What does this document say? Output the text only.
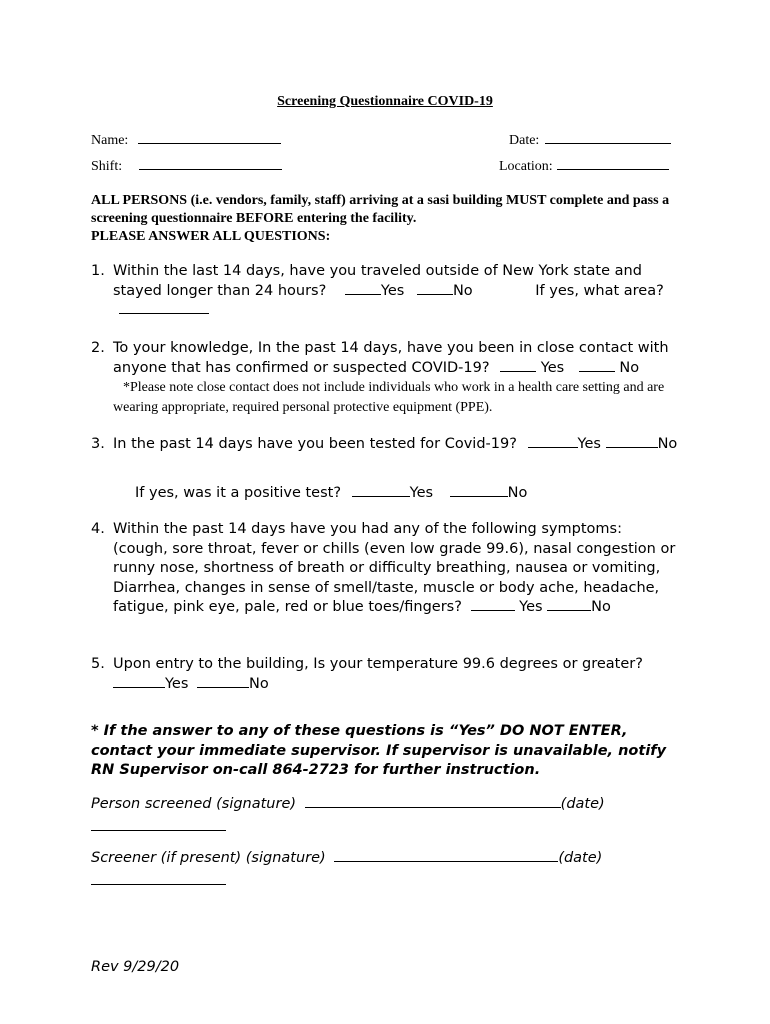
Screening Questionnaire COVID-19
Name:	Date:
Shift:	Location:
ALL PERSONS (i.e. vendors, family, staff) arriving at a sasi building MUST complete and pass a screening questionnaire BEFORE entering the facility.
PLEASE ANSWER ALL QUESTIONS:
1. Within the last 14 days, have you traveled outside of New York state and stayed longer than 24 hours?	Yes	No	If yes, what area?
2. To your knowledge, In the past 14 days, have you been in close contact with anyone that has confirmed or suspected COVID-19?	Yes	No *Please note close contact does not include individuals who work in a health care setting and are wearing appropriate, required personal protective equipment (PPE).
3. In the past 14 days have you been tested for Covid-19?	Yes	No
If yes, was it a positive test?	Yes	No
4. Within the past 14 days have you had any of the following symptoms: (cough, sore throat, fever or chills (even low grade 99.6), nasal congestion or runny nose, shortness of breath or difficulty breathing, nausea or vomiting, Diarrhea, changes in sense of smell/taste, muscle or body ache, headache, fatigue, pink eye, pale, red or blue toes/fingers?	Yes	No
5. Upon entry to the building, Is your temperature 99.6 degrees or greater? Yes	No
* If the answer to any of these questions is “Yes” DO NOT ENTER, contact your immediate supervisor. If supervisor is unavailable, notify RN Supervisor on-call 864-2723 for further instruction.
Person screened (signature)	(date)
Screener (if present) (signature)	(date)
Rev 9/29/20
